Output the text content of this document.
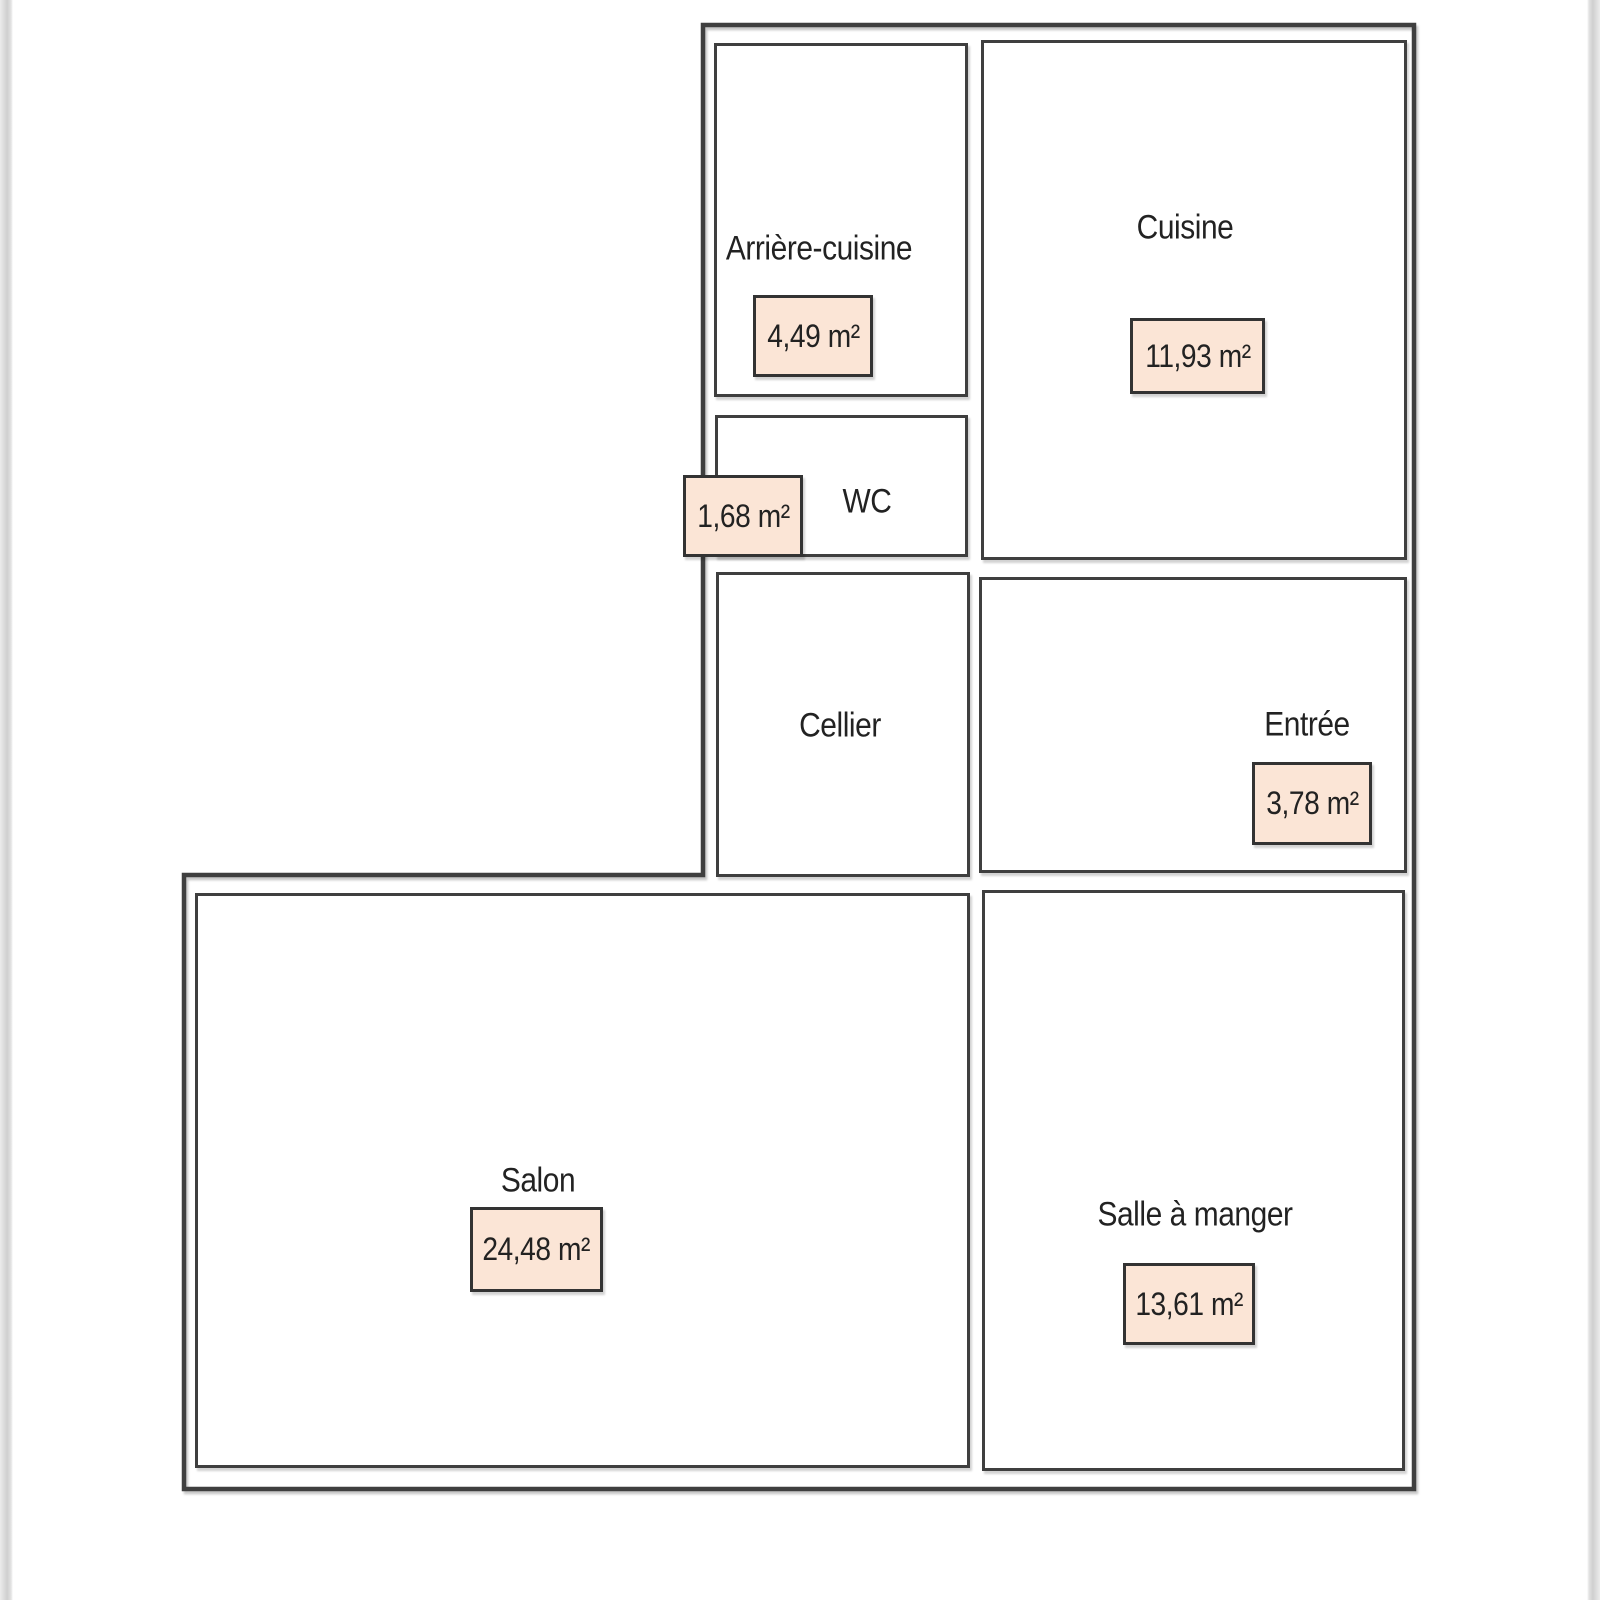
Arrière-cuisine
Cuisine
WC
Cellier	Entrée
Salon
Salle à manger
4,49 m²
11,93 m²
1,68 m²
3,78 m²
24,48 m²
13,61 m²
